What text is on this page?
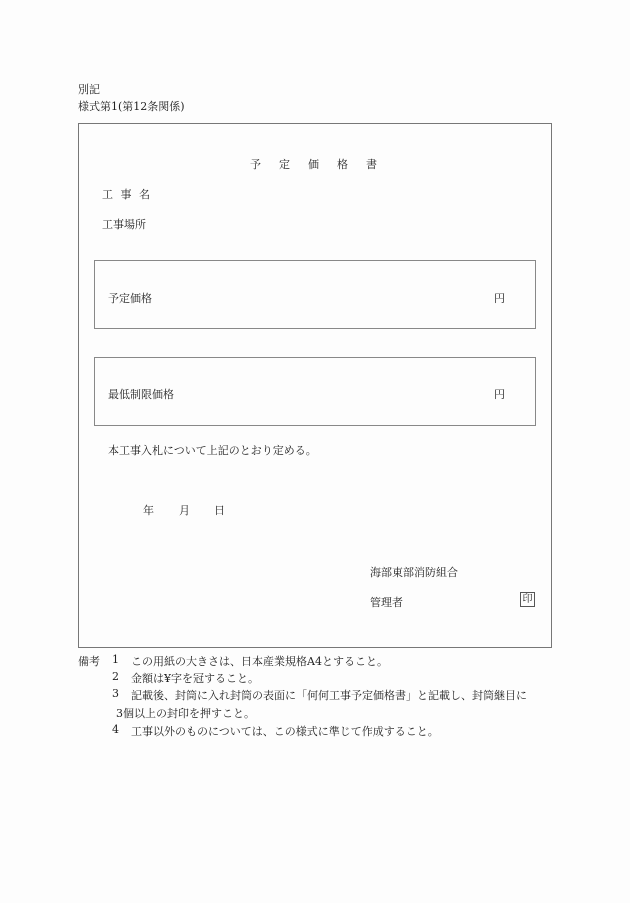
別記
様式第1(第12条関係)
予 定 価 格 書
工 事 名
工事場所
予定価格	円
最低制限価格	円
本工事入札について上記のとおり定める。
年 月 日
海部東部消防組合
管理者	印
備考 1 この用紙の大きさは、日本産業規格A4とすること。
2 金額は¥字を冠すること。
3 記載後、封筒に入れ封筒の表面に「何何工事予定価格書」と記載し、封筒継目に
3個以上の封印を押すこと。
4 工事以外のものについては、この様式に準じて作成すること。
